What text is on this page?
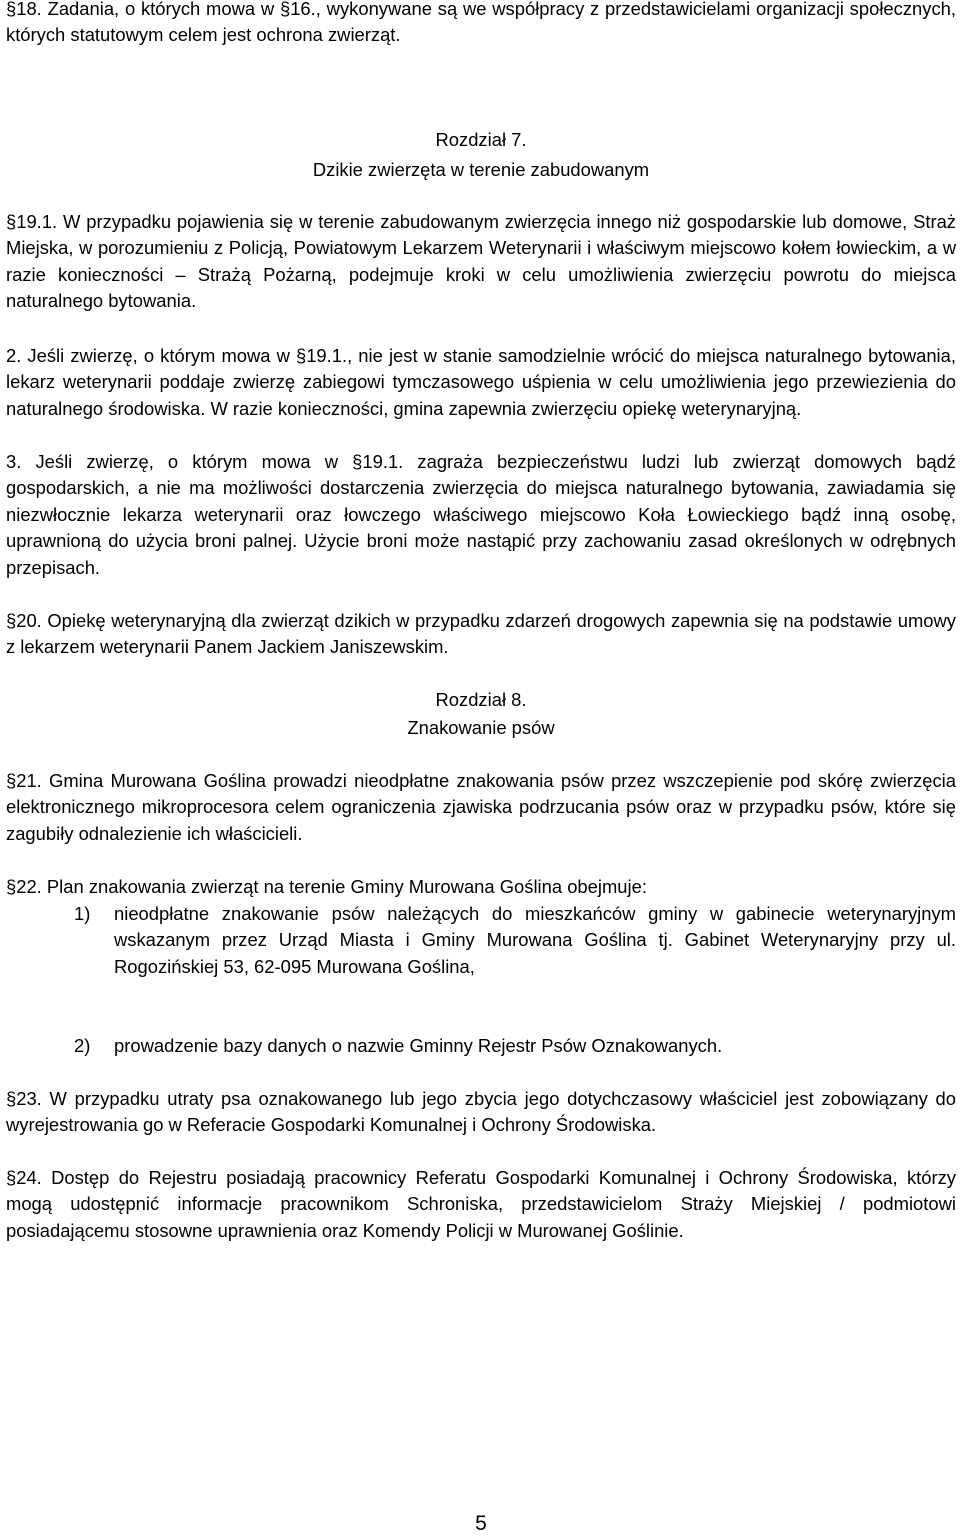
§18. Zadania, o których mowa w §16., wykonywane są we współpracy z przedstawicielami organizacji społecznych, których statutowym celem jest ochrona zwierząt.

Rozdział 7.

Dzikie zwierzęta w terenie zabudowanym

§19.1. W przypadku pojawienia się w terenie zabudowanym zwierzęcia innego niż gospodarskie lub domowe, Straż Miejska, w porozumieniu z Policją, Powiatowym Lekarzem Weterynarii i właściwym miejscowo kołem łowieckim, a w razie konieczności – Strażą Pożarną, podejmuje kroki w celu umożliwienia zwierzęciu powrotu do miejsca naturalnego bytowania.

2. Jeśli zwierzę, o którym mowa w §19.1., nie jest w stanie samodzielnie wrócić do miejsca naturalnego bytowania, lekarz weterynarii poddaje zwierzę zabiegowi tymczasowego uśpienia w celu umożliwienia jego przewiezienia do naturalnego środowiska. W razie konieczności, gmina zapewnia zwierzęciu opiekę weterynaryjną.

3. Jeśli zwierzę, o którym mowa w §19.1. zagraża bezpieczeństwu ludzi lub zwierząt domowych bądź gospodarskich, a nie ma możliwości dostarczenia zwierzęcia do miejsca naturalnego bytowania, zawiadamia się niezwłocznie lekarza weterynarii oraz łowczego właściwego miejscowo Koła Łowieckiego bądź inną osobę, uprawnioną do użycia broni palnej. Użycie broni może nastąpić przy zachowaniu zasad określonych w odrębnych przepisach.

§20. Opiekę weterynaryjną dla zwierząt dzikich w przypadku zdarzeń drogowych zapewnia się na podstawie umowy z lekarzem weterynarii Panem Jackiem Janiszewskim.

Rozdział 8.

Znakowanie psów

§21. Gmina Murowana Goślina prowadzi nieodpłatne znakowania psów przez wszczepienie pod skórę zwierzęcia elektronicznego mikroprocesora celem ograniczenia zjawiska podrzucania psów oraz w przypadku psów, które się zagubiły odnalezienie ich właścicieli.

§22. Plan znakowania zwierząt na terenie Gminy Murowana Goślina obejmuje:

1) nieodpłatne znakowanie psów należących do mieszkańców gminy w gabinecie weterynaryjnym wskazanym przez Urząd Miasta i Gminy Murowana Goślina tj. Gabinet Weterynaryjny przy ul. Rogozińskiej 53, 62-095 Murowana Goślina,
2) prowadzenie bazy danych o nazwie Gminny Rejestr Psów Oznakowanych.

§23. W przypadku utraty psa oznakowanego lub jego zbycia jego dotychczasowy właściciel jest zobowiązany do wyrejestrowania go w Referacie Gospodarki Komunalnej i Ochrony Środowiska.

§24. Dostęp do Rejestru posiadają pracownicy Referatu Gospodarki Komunalnej i Ochrony Środowiska, którzy mogą udostępnić informacje pracownikom Schroniska, przedstawicielom Straży Miejskiej / podmiotowi posiadającemu stosowne uprawnienia oraz Komendy Policji w Murowanej Goślinie.

5
